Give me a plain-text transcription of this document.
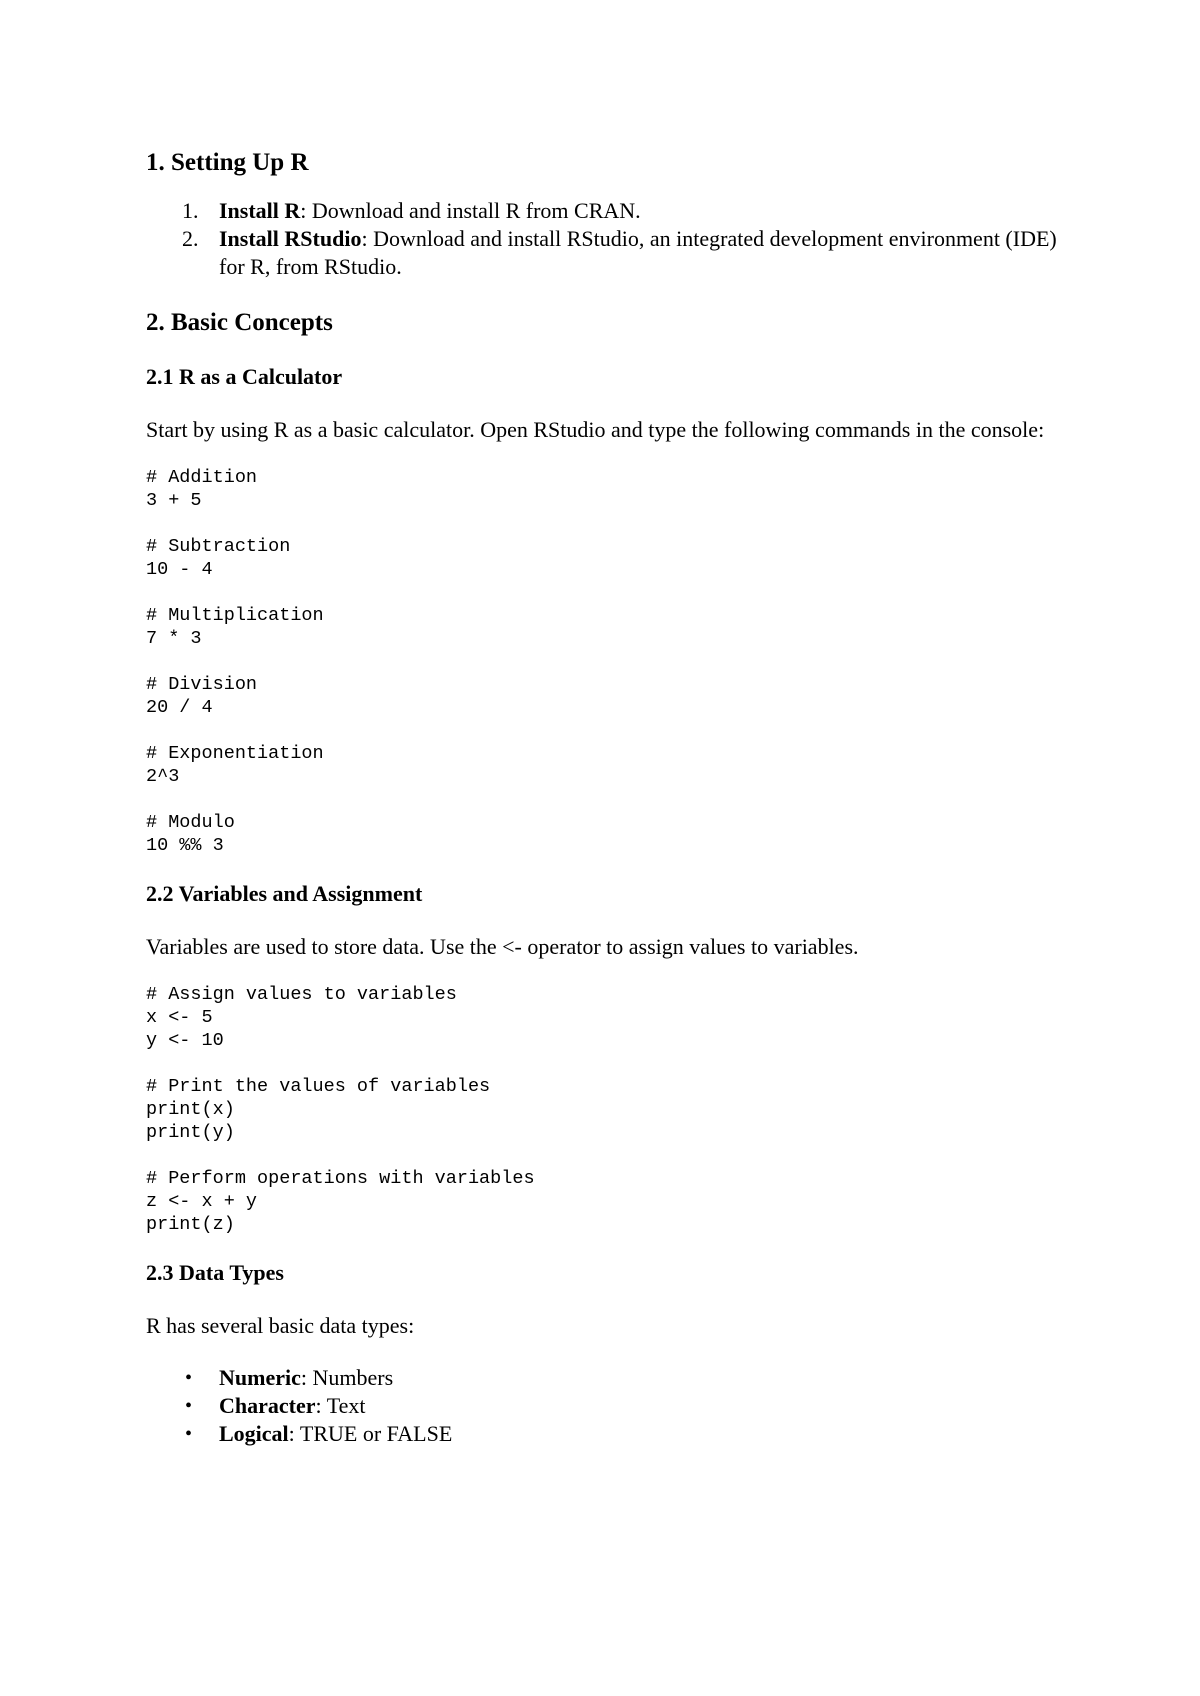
1. Setting Up R
1. Install R: Download and install R from CRAN.
2. Install RStudio: Download and install RStudio, an integrated development environment (IDE) for R, from RStudio.
2. Basic Concepts
2.1 R as a Calculator

Start by using R as a basic calculator. Open RStudio and type the following commands in the console:

# Addition
3 + 5
# Subtraction
10 - 4
# Multiplication
7 * 3
# Division
20 / 4
# Exponentiation
2^3
# Modulo
10 %% 3
2.2 Variables and Assignment

Variables are used to store data. Use the <- operator to assign values to variables.

# Assign values to variables
x <- 5
y <- 10
# Print the values of variables
print(x)
print(y)
# Perform operations with variables
z <- x + y
print(z)
2.3 Data Types

R has several basic data types:

• Numeric: Numbers
• Character: Text
• Logical: TRUE or FALSE
